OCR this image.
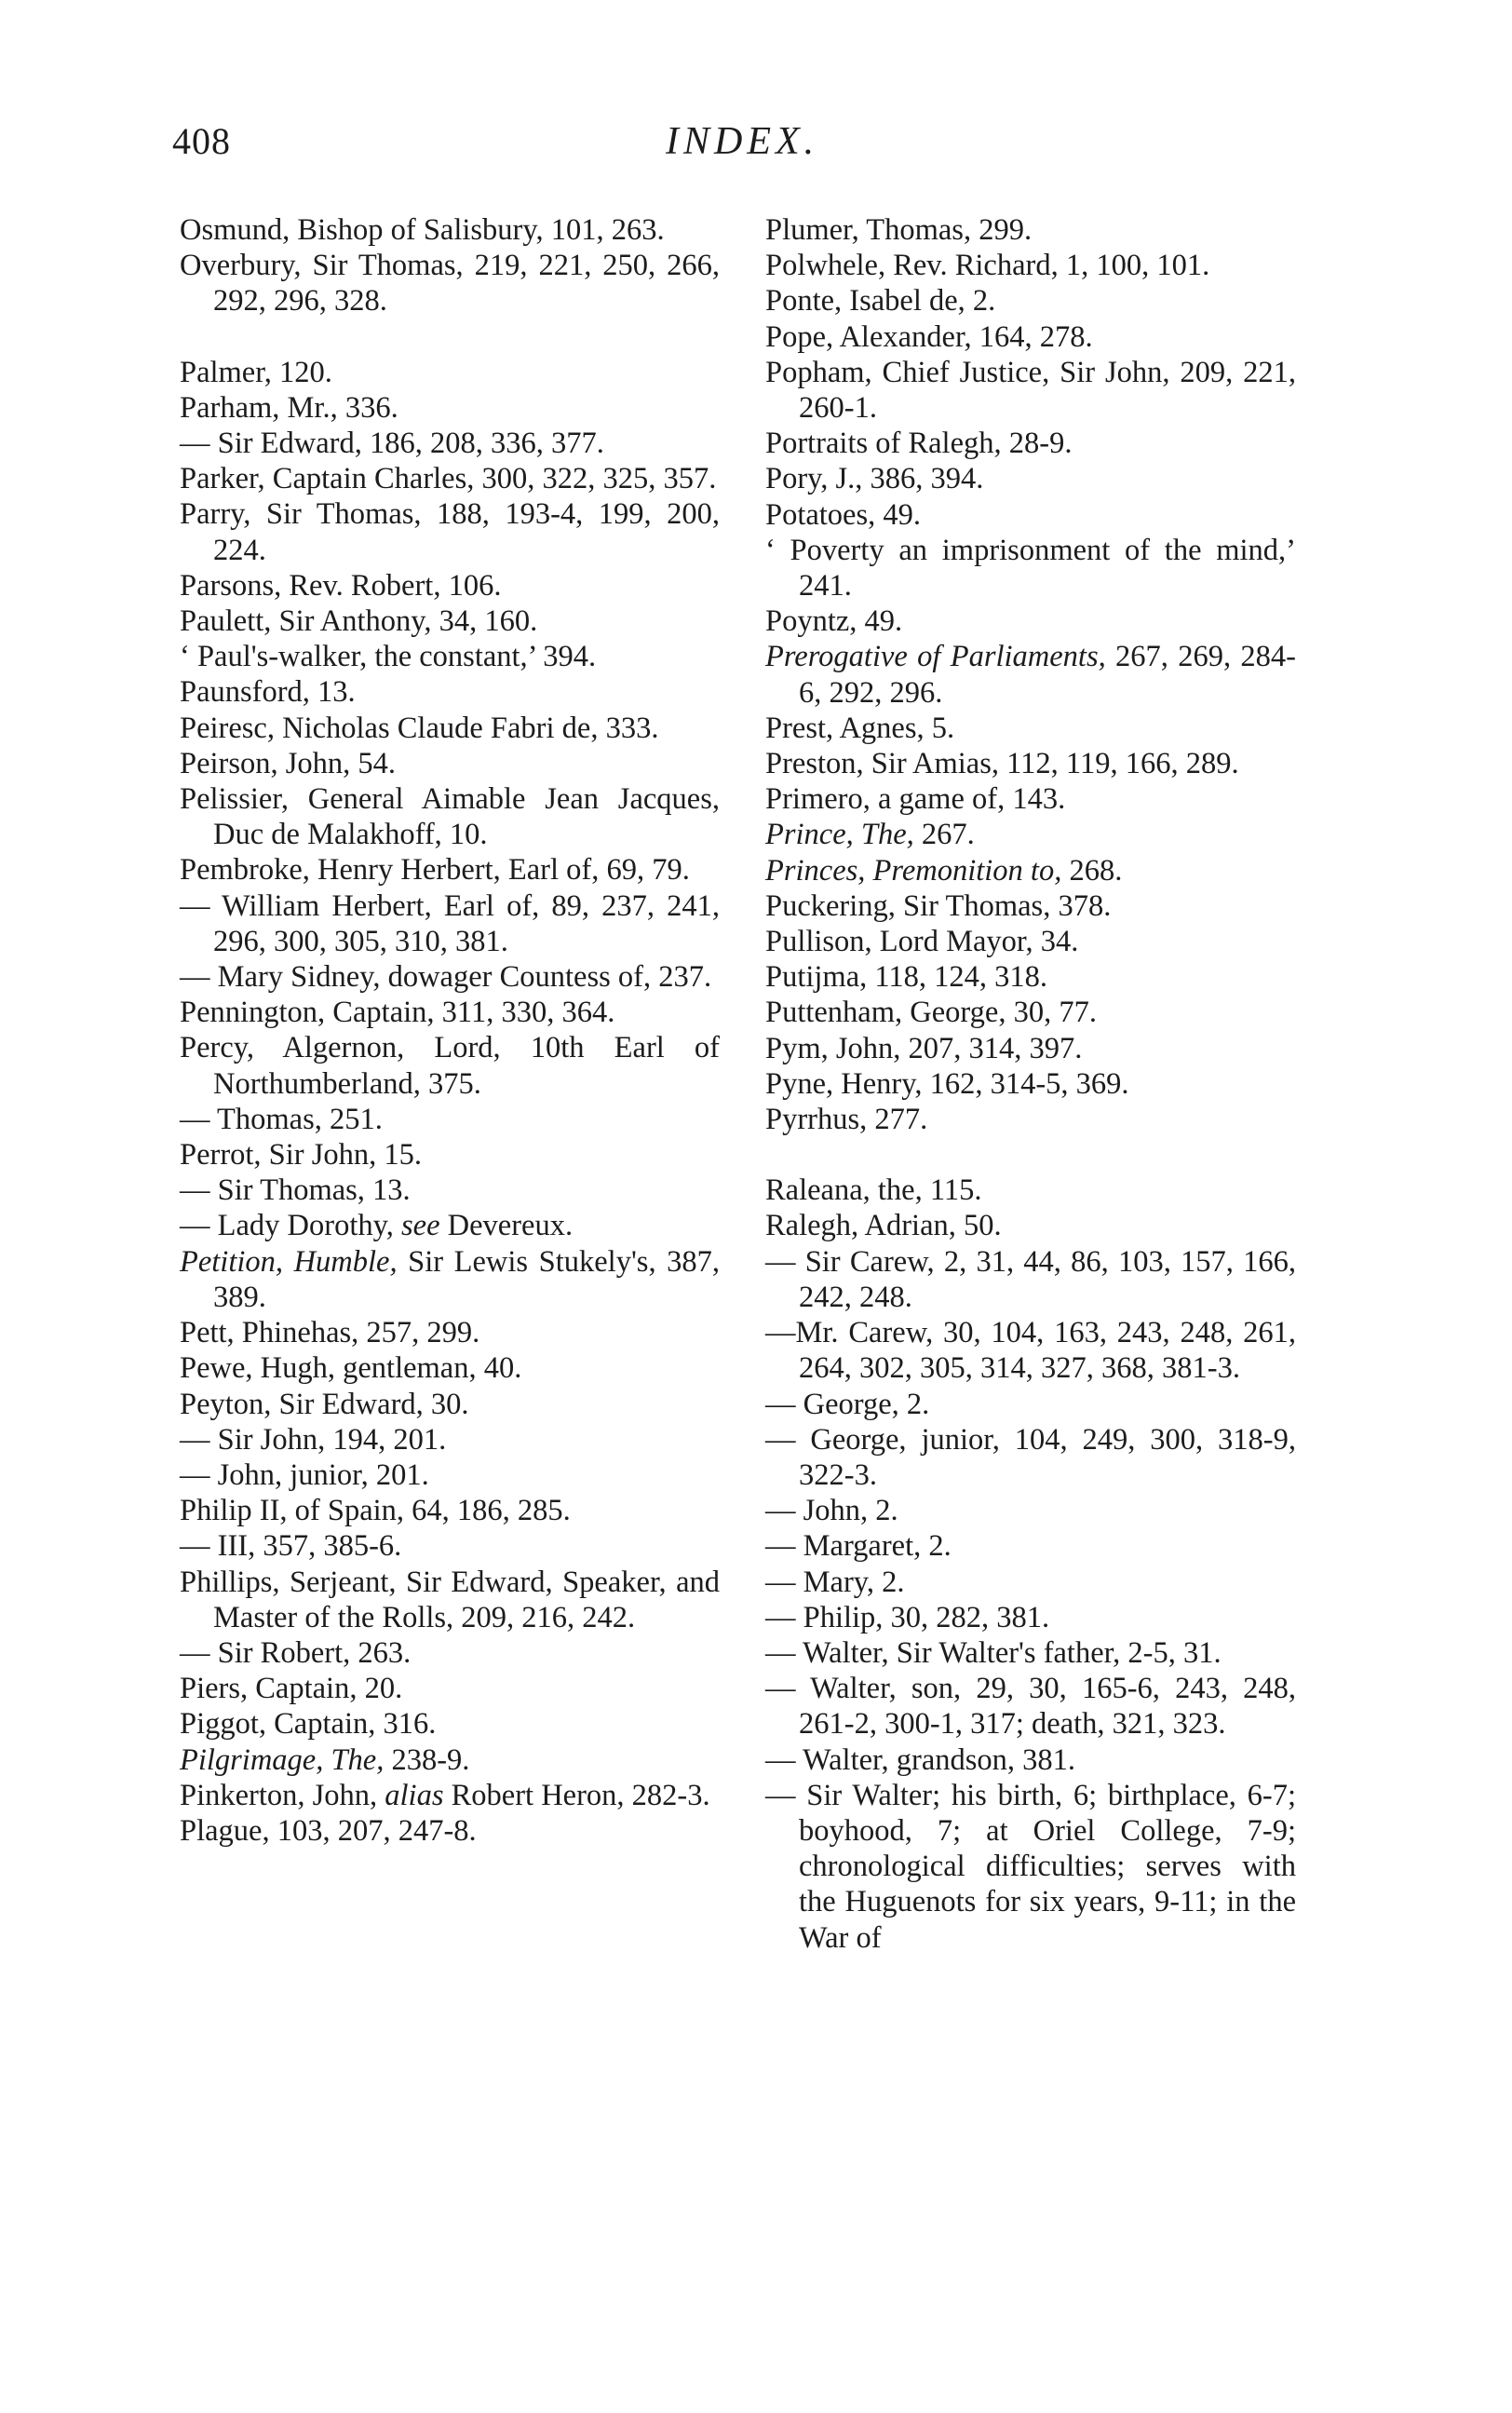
408	INDEX.
Osmund, Bishop of Salisbury, 101, 263.
Overbury, Sir Thomas, 219, 221, 250, 266, 292, 296, 328.
Palmer, 120.
Parham, Mr., 336.
— Sir Edward, 186, 208, 336, 377.
Parker, Captain Charles, 300, 322, 325, 357.
Parry, Sir Thomas, 188, 193-4, 199, 200, 224.
Parsons, Rev. Robert, 106.
Paulett, Sir Anthony, 34, 160.
‘ Paul's-walker, the constant,’ 394.
Paunsford, 13.
Peiresc, Nicholas Claude Fabri de, 333.
Peirson, John, 54.
Pelissier, General Aimable Jean Jacques, Duc de Malakhoff, 10.
Pembroke, Henry Herbert, Earl of, 69, 79.
— William Herbert, Earl of, 89, 237, 241, 296, 300, 305, 310, 381.
— Mary Sidney, dowager Countess of, 237.
Pennington, Captain, 311, 330, 364.
Percy, Algernon, Lord, 10th Earl of Northumberland, 375.
— Thomas, 251.
Perrot, Sir John, 15.
— Sir Thomas, 13.
— Lady Dorothy, see Devereux.
Petition, Humble, Sir Lewis Stukely's, 387, 389.
Pett, Phinehas, 257, 299.
Pewe, Hugh, gentleman, 40.
Peyton, Sir Edward, 30.
— Sir John, 194, 201.
— John, junior, 201.
Philip II, of Spain, 64, 186, 285.
— III, 357, 385-6.
Phillips, Serjeant, Sir Edward, Speaker, and Master of the Rolls, 209, 216, 242.
— Sir Robert, 263.
Piers, Captain, 20.
Piggot, Captain, 316.
Pilgrimage, The, 238-9.
Pinkerton, John, alias Robert Heron, 282-3.
Plague, 103, 207, 247-8.
Plumer, Thomas, 299.
Polwhele, Rev. Richard, 1, 100, 101.
Ponte, Isabel de, 2.
Pope, Alexander, 164, 278.
Popham, Chief Justice, Sir John, 209, 221, 260-1.
Portraits of Ralegh, 28-9.
Pory, J., 386, 394.
Potatoes, 49.
‘ Poverty an imprisonment of the mind,’ 241.
Poyntz, 49.
Prerogative of Parliaments, 267, 269, 284-6, 292, 296.
Prest, Agnes, 5.
Preston, Sir Amias, 112, 119, 166, 289.
Primero, a game of, 143.
Prince, The, 267.
Princes, Premonition to, 268.
Puckering, Sir Thomas, 378.
Pullison, Lord Mayor, 34.
Putijma, 118, 124, 318.
Puttenham, George, 30, 77.
Pym, John, 207, 314, 397.
Pyne, Henry, 162, 314-5, 369.
Pyrrhus, 277.
Raleana, the, 115.
Ralegh, Adrian, 50.
— Sir Carew, 2, 31, 44, 86, 103, 157, 166, 242, 248.
—Mr. Carew, 30, 104, 163, 243, 248, 261, 264, 302, 305, 314, 327, 368, 381-3.
— George, 2.
— George, junior, 104, 249, 300, 318-9, 322-3.
— John, 2.
— Margaret, 2.
— Mary, 2.
— Philip, 30, 282, 381.
— Walter, Sir Walter's father, 2-5, 31.
— Walter, son, 29, 30, 165-6, 243, 248, 261-2, 300-1, 317; death, 321, 323.
— Walter, grandson, 381.
— Sir Walter; his birth, 6; birthplace, 6-7; boyhood, 7; at Oriel College, 7-9; chronological difficulties; serves with the Huguenots for six years, 9-11; in the War of
